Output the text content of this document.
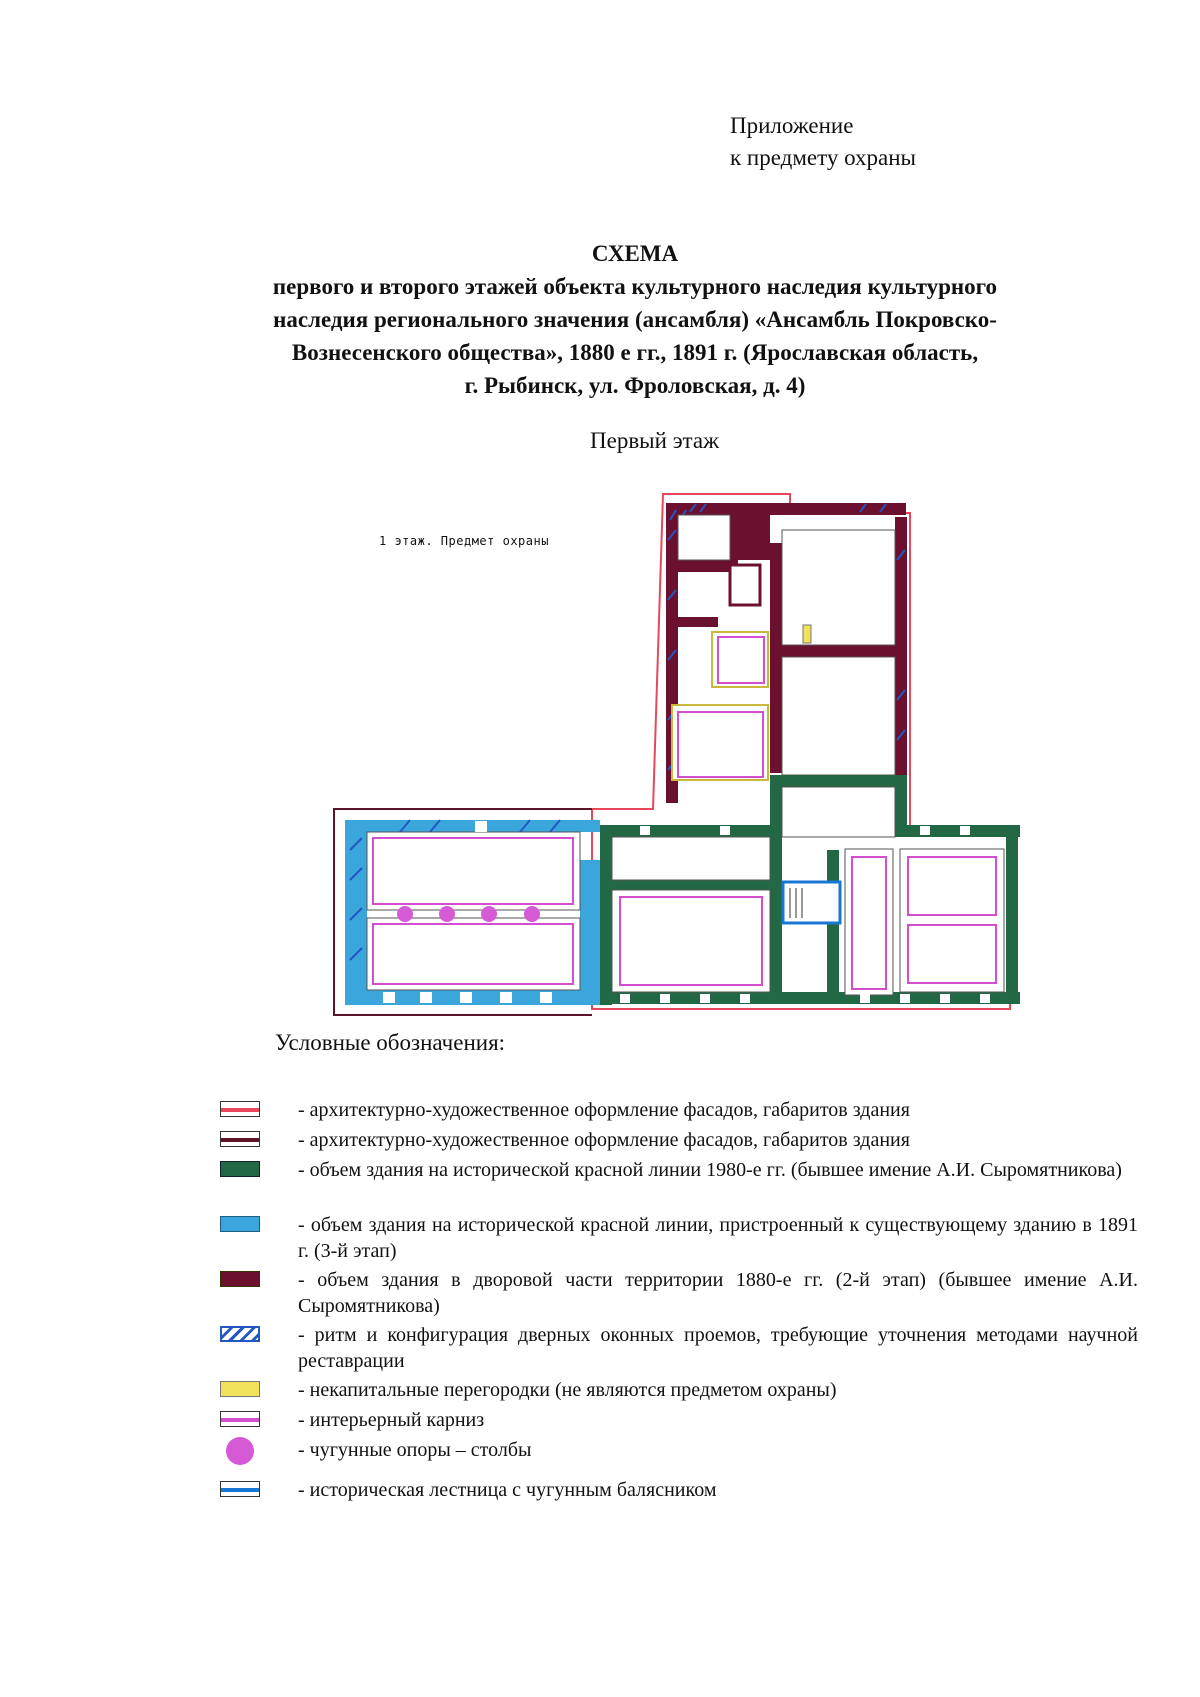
Приложение
к предмету охраны
СХЕМА
первого и второго этажей объекта культурного наследия культурного
наследия регионального значения (ансамбля) «Ансамбль Покровско-
Вознесенского общества», 1880 е гг., 1891 г. (Ярославская область,
г. Рыбинск, ул. Фроловская, д. 4)
Первый этаж
1 этаж. Предмет охраны
Условные обозначения:
- архитектурно-художественное оформление фасадов, габаритов здания
- архитектурно-художественное оформление фасадов, габаритов здания
- объем здания на исторической красной линии 1980-е гг. (бывшее имение А.И. Сыромятникова)
- объем здания на исторической красной линии, пристроенный к существующему зданию в 1891 г. (3-й этап)
- объем здания в дворовой части территории 1880-е гг. (2-й этап) (бывшее имение А.И. Сыромятникова)
- ритм и конфигурация дверных оконных проемов, требующие уточнения методами научной реставрации
- некапитальные перегородки (не являются предметом охраны)
- интерьерный карниз
- чугунные опоры – столбы
- историческая лестница с чугунным балясником
